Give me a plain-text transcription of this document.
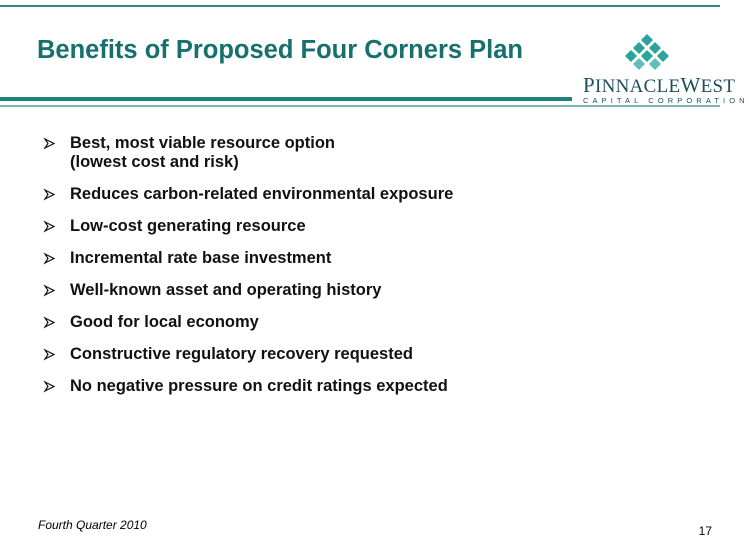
Benefits of Proposed Four Corners Plan
PINNACLEWEST
CAPITAL CORPORATION
Best, most viable resource option
(lowest cost and risk)
Reduces carbon-related environmental exposure
Low-cost generating resource
Incremental rate base investment
Well-known asset and operating history
Good for local economy
Constructive regulatory recovery requested
No negative pressure on credit ratings expected
Fourth Quarter 2010	17
